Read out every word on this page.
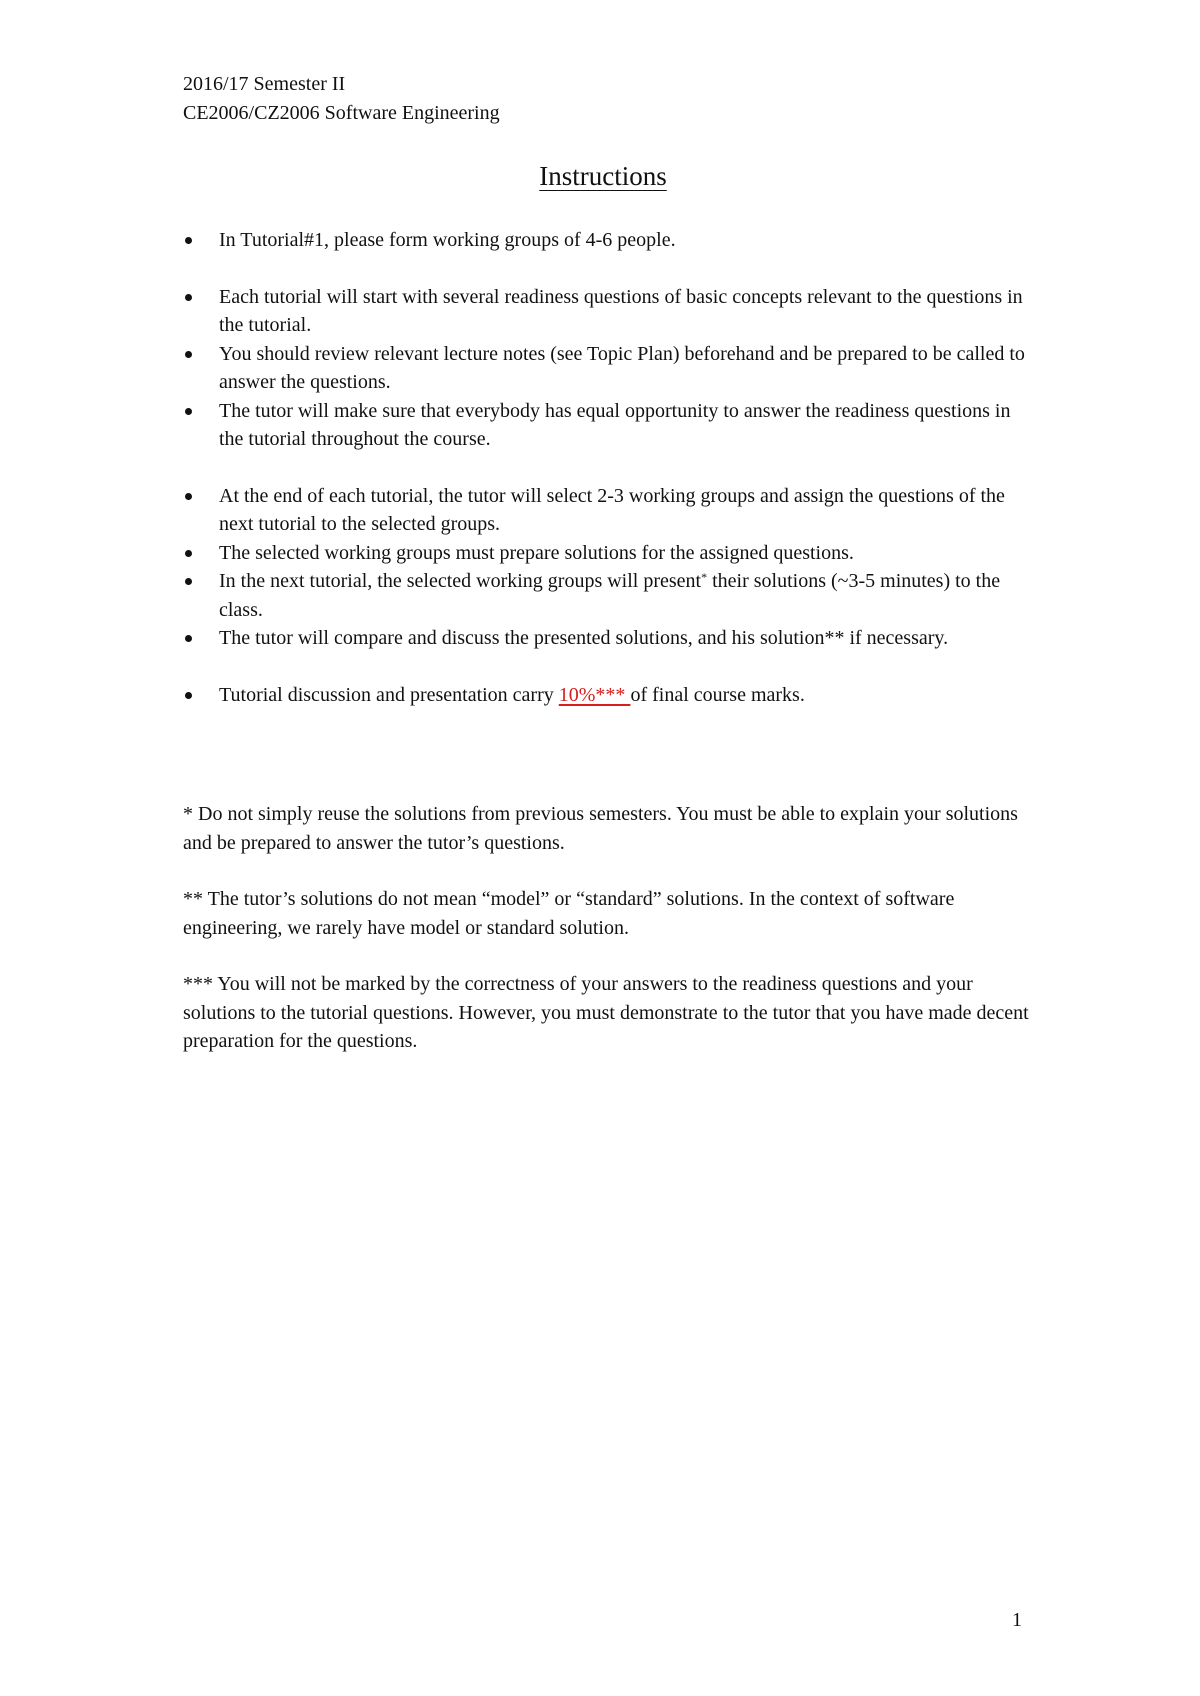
2016/17 Semester II
CE2006/CZ2006 Software Engineering
Instructions
In Tutorial#1, please form working groups of 4-6 people.
Each tutorial will start with several readiness questions of basic concepts relevant to the questions in the tutorial.
You should review relevant lecture notes (see Topic Plan) beforehand and be prepared to be called to answer the questions.
The tutor will make sure that everybody has equal opportunity to answer the readiness questions in the tutorial throughout the course.
At the end of each tutorial, the tutor will select 2-3 working groups and assign the questions of the next tutorial to the selected groups.
The selected working groups must prepare solutions for the assigned questions.
In the next tutorial, the selected working groups will present* their solutions (~3-5 minutes) to the class.
The tutor will compare and discuss the presented solutions, and his solution** if necessary.
Tutorial discussion and presentation carry 10%*** of final course marks.

* Do not simply reuse the solutions from previous semesters. You must be able to explain your solutions and be prepared to answer the tutor’s questions.

** The tutor’s solutions do not mean “model” or “standard” solutions. In the context of software engineering, we rarely have model or standard solution.

*** You will not be marked by the correctness of your answers to the readiness questions and your solutions to the tutorial questions. However, you must demonstrate to the tutor that you have made decent preparation for the questions.

1
